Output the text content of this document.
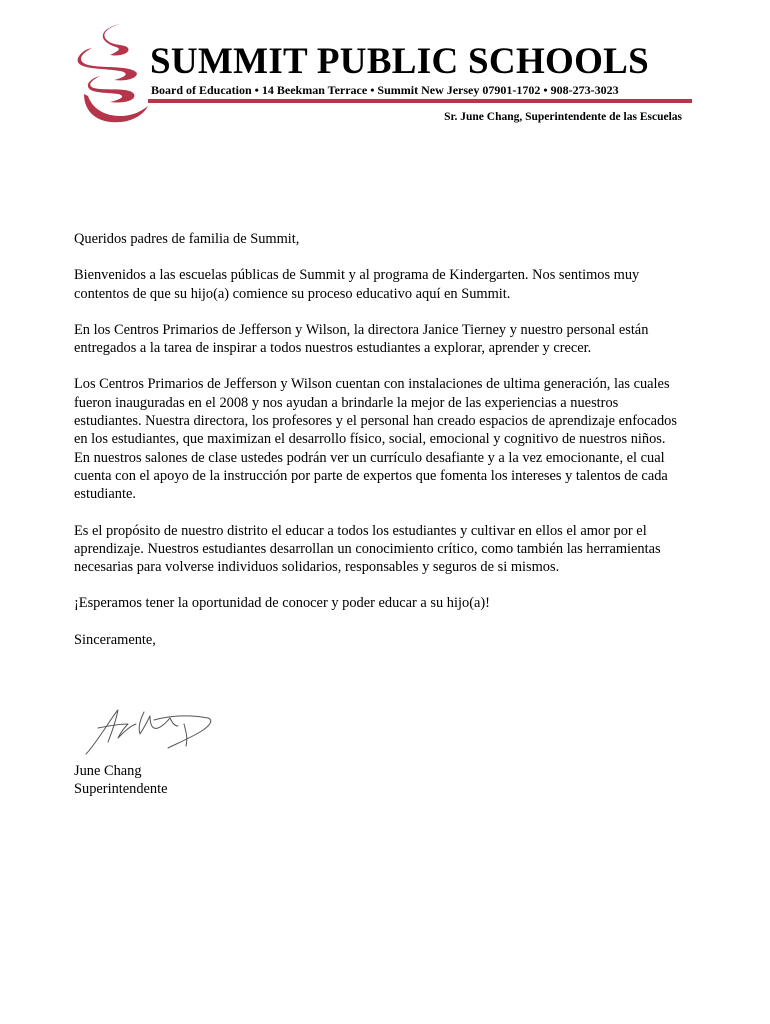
SUMMIT PUBLIC SCHOOLS
Board of Education • 14 Beekman Terrace • Summit New Jersey 07901-1702 • 908-273-3023
Sr. June Chang, Superintendente de las Escuelas

Queridos padres de familia de Summit,

Bienvenidos a las escuelas públicas de Summit y al programa de Kindergarten. Nos sentimos muy contentos de que su hijo(a) comience su proceso educativo aquí en Summit.

En los Centros Primarios de Jefferson y Wilson, la directora Janice Tierney y nuestro personal están entregados a la tarea de inspirar a todos nuestros estudiantes a explorar, aprender y crecer.

Los Centros Primarios de Jefferson y Wilson cuentan con instalaciones de ultima generación, las cuales fueron inauguradas en el 2008 y nos ayudan a brindarle la mejor de las experiencias a nuestros estudiantes. Nuestra directora, los profesores y el personal han creado espacios de aprendizaje enfocados en los estudiantes, que maximizan el desarrollo físico, social, emocional y cognitivo de nuestros niños. En nuestros salones de clase ustedes podrán ver un currículo desafiante y a la vez emocionante, el cual cuenta con el apoyo de la instrucción por parte de expertos que fomenta los intereses y talentos de cada estudiante.

Es el propósito de nuestro distrito el educar a todos los estudiantes y cultivar en ellos el amor por el aprendizaje. Nuestros estudiantes desarrollan un conocimiento crítico, como también las herramientas necesarias para volverse individuos solidarios, responsables y seguros de si mismos.

¡Esperamos tener la oportunidad de conocer y poder educar a su hijo(a)!

Sinceramente,

June Chang
Superintendente
